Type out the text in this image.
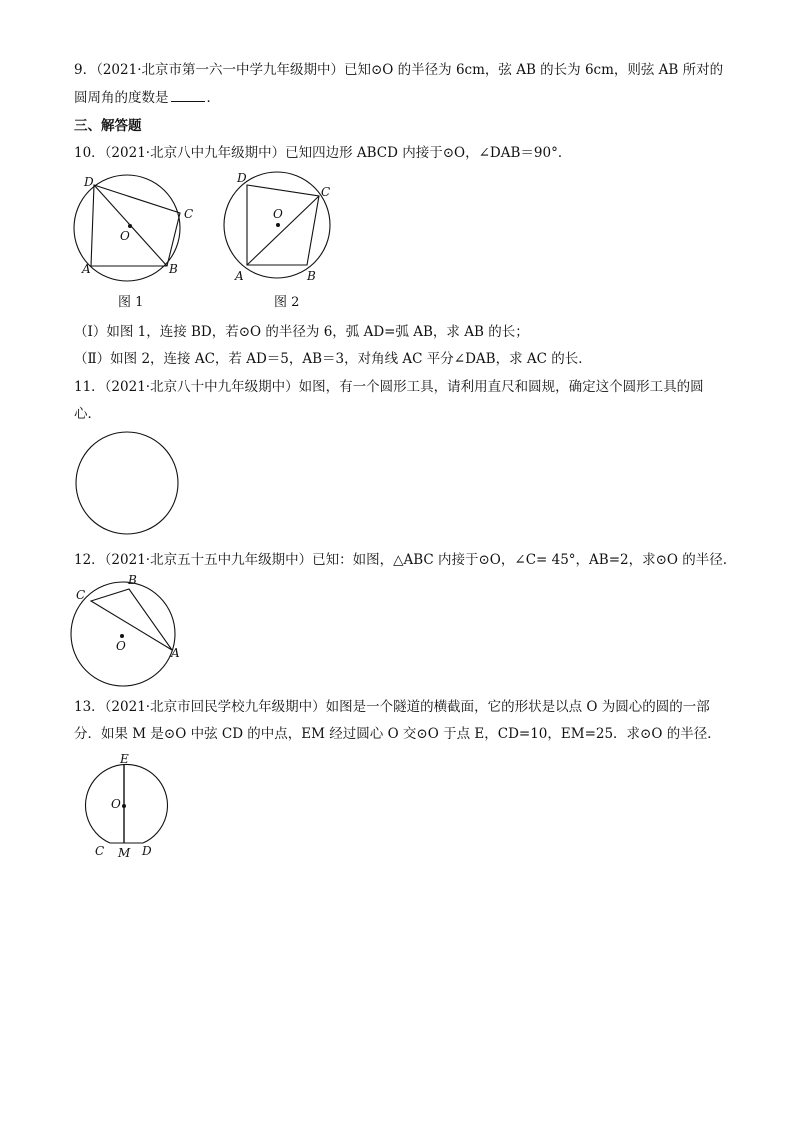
9．（2021·北京市第一六一中学九年级期中）已知⊙O 的半径为 6cm，弦 AB 的长为 6cm，则弦 AB 所对的
圆周角的度数是	．
三、解答题
10．（2021·北京八中九年级期中）已知四边形 ABCD 内接于⊙O，∠DAB＝90°．
D
C
O
A	B
图 1
D
C
O
A	B
图 2
（Ⅰ）如图 1，连接 BD，若⊙O 的半径为 6，弧 AD=弧 AB，求 AB 的长；
（Ⅱ）如图 2，连接 AC，若 AD＝5，AB＝3，对角线 AC 平分∠DAB，求 AC 的长．
11．（2021·北京八十中九年级期中）如图，有一个圆形工具，请利用直尺和圆规，确定这个圆形工具的圆
心．
12．（2021·北京五十五中九年级期中）已知：如图，△ABC 内接于⊙O，∠C= 45°，AB=2，求⊙O 的半径.
C
B
O	A
13．（2021·北京市回民学校九年级期中）如图是一个隧道的横截面，它的形状是以点 O 为圆心的圆的一部
分．如果 M 是⊙O 中弦 CD 的中点，EM 经过圆心 O 交⊙O 于点 E，CD=10，EM=25．求⊙O 的半径．
E
O
C M D
